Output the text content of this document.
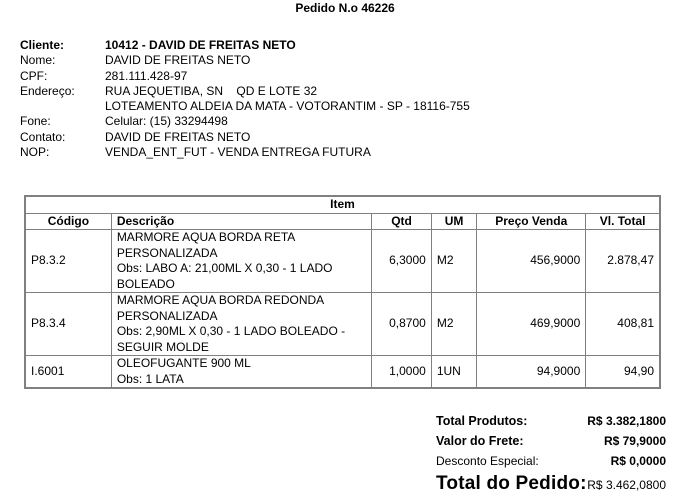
Pedido N.o 46226
Cliente:	10412 - DAVID DE FREITAS NETO
Nome:	DAVID DE FREITAS NETO
CPF:	281.111.428-97
Endereço:	RUA JEQUETIBA, SN    QD E LOTE 32
LOTEAMENTO ALDEIA DA MATA - VOTORANTIM - SP - 18116-755
Fone:	Celular: (15) 33294498
Contato:	DAVID DE FREITAS NETO
NOP:	VENDA_ENT_FUT - VENDA ENTREGA FUTURA
Item					
Código	Descrição	Qtd	UM	Preço Venda	Vl. Total
P8.3.2	MARMORE AQUA BORDA RETA
PERSONALIZADA
Obs: LABO A: 21,00ML X 0,30 - 1 LADO
BOLEADO	6,3000	M2	456,9000	2.878,47
P8.3.4	MARMORE AQUA BORDA REDONDA
PERSONALIZADA
Obs: 2,90ML X 0,30 - 1 LADO BOLEADO -
SEGUIR MOLDE	0,8700	M2	469,9000	408,81
I.6001	OLEOFUGANTE 900 ML
Obs: 1 LATA	1,0000	1UN	94,9000	94,90
Total Produtos:	R$ 3.382,1800
Valor do Frete:	R$ 79,9000
Desconto Especial:	R$ 0,0000
Total do Pedido: R$ 3.462,0800
